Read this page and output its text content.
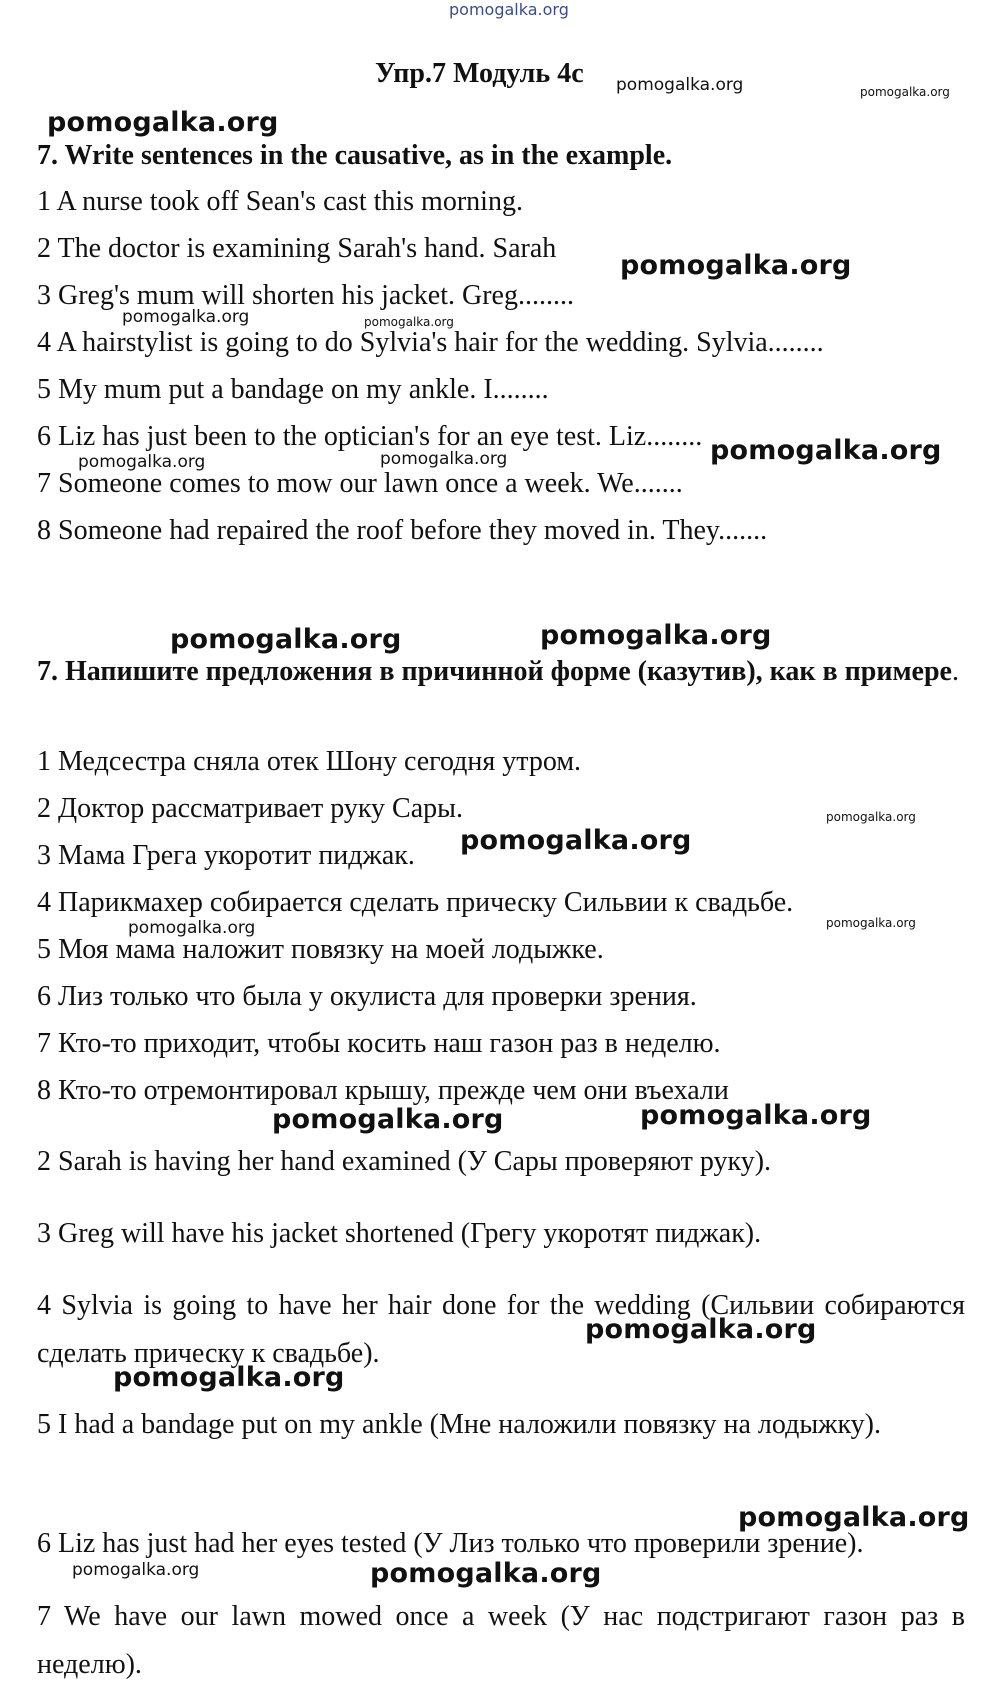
pomogalka.org
Упр.7 Модуль 4с pomogalka.org	pomogalka.org
pomogalka.org
7. Write sentences in the causative, as in the example.
1 A nurse took off Sean's cast this morning.
2 The doctor is examining Sarah's hand. Sarah
pomogalka.org
3 Greg's mum will shorten his jacket. Greg........
pomogalka.org	pomogalka.org
4 A hairstylist is going to do Sylvia's hair for the wedding. Sylvia........
5 My mum put a bandage on my ankle. I........
6 Liz has just been to the optician's for an eye test. Liz........ pomogalka.org
pomogalka.org	pomogalka.org
7 Someone comes to mow our lawn once a week. We.......
8 Someone had repaired the roof before they moved in. They.......
pomogalka.org	pomogalka.org
7. Напишите предложения в причинной форме (казутив), как в примере.
1 Медсестра сняла отек Шону сегодня утром.
2 Доктор рассматривает руку Сары.	pomogalka.org
3 Мама Грега укоротит пиджак. pomogalka.org
4 Парикмахер собирается сделать прическу Сильвии к свадьбе.
pomogalka.org
pomogalka.org
5 Моя мама наложит повязку на моей лодыжке.
6 Лиз только что была у окулиста для проверки зрения.
7 Кто-то приходит, чтобы косить наш газон раз в неделю.
8 Кто-то отремонтировал крышу, прежде чем они въехали
pomogalka.org	pomogalka.org
2 Sarah is having her hand examined (У Сары проверяют руку).
3 Greg will have his jacket shortened (Грегу укоротят пиджак).
4 Sylvia is going to have her hair done for the wedding (Сильвии собираются сделать прическу к свадьбе).
pomogalka.org
pomogalka.org
5 I had a bandage put on my ankle (Мне наложили повязку на лодыжку).
pomogalka.org
6 Liz has just had her eyes tested (У Лиз только что проверили зрение).
pomogalka.org	pomogalka.org
7 We have our lawn mowed once a week (У нас подстригают газон раз в неделю).
